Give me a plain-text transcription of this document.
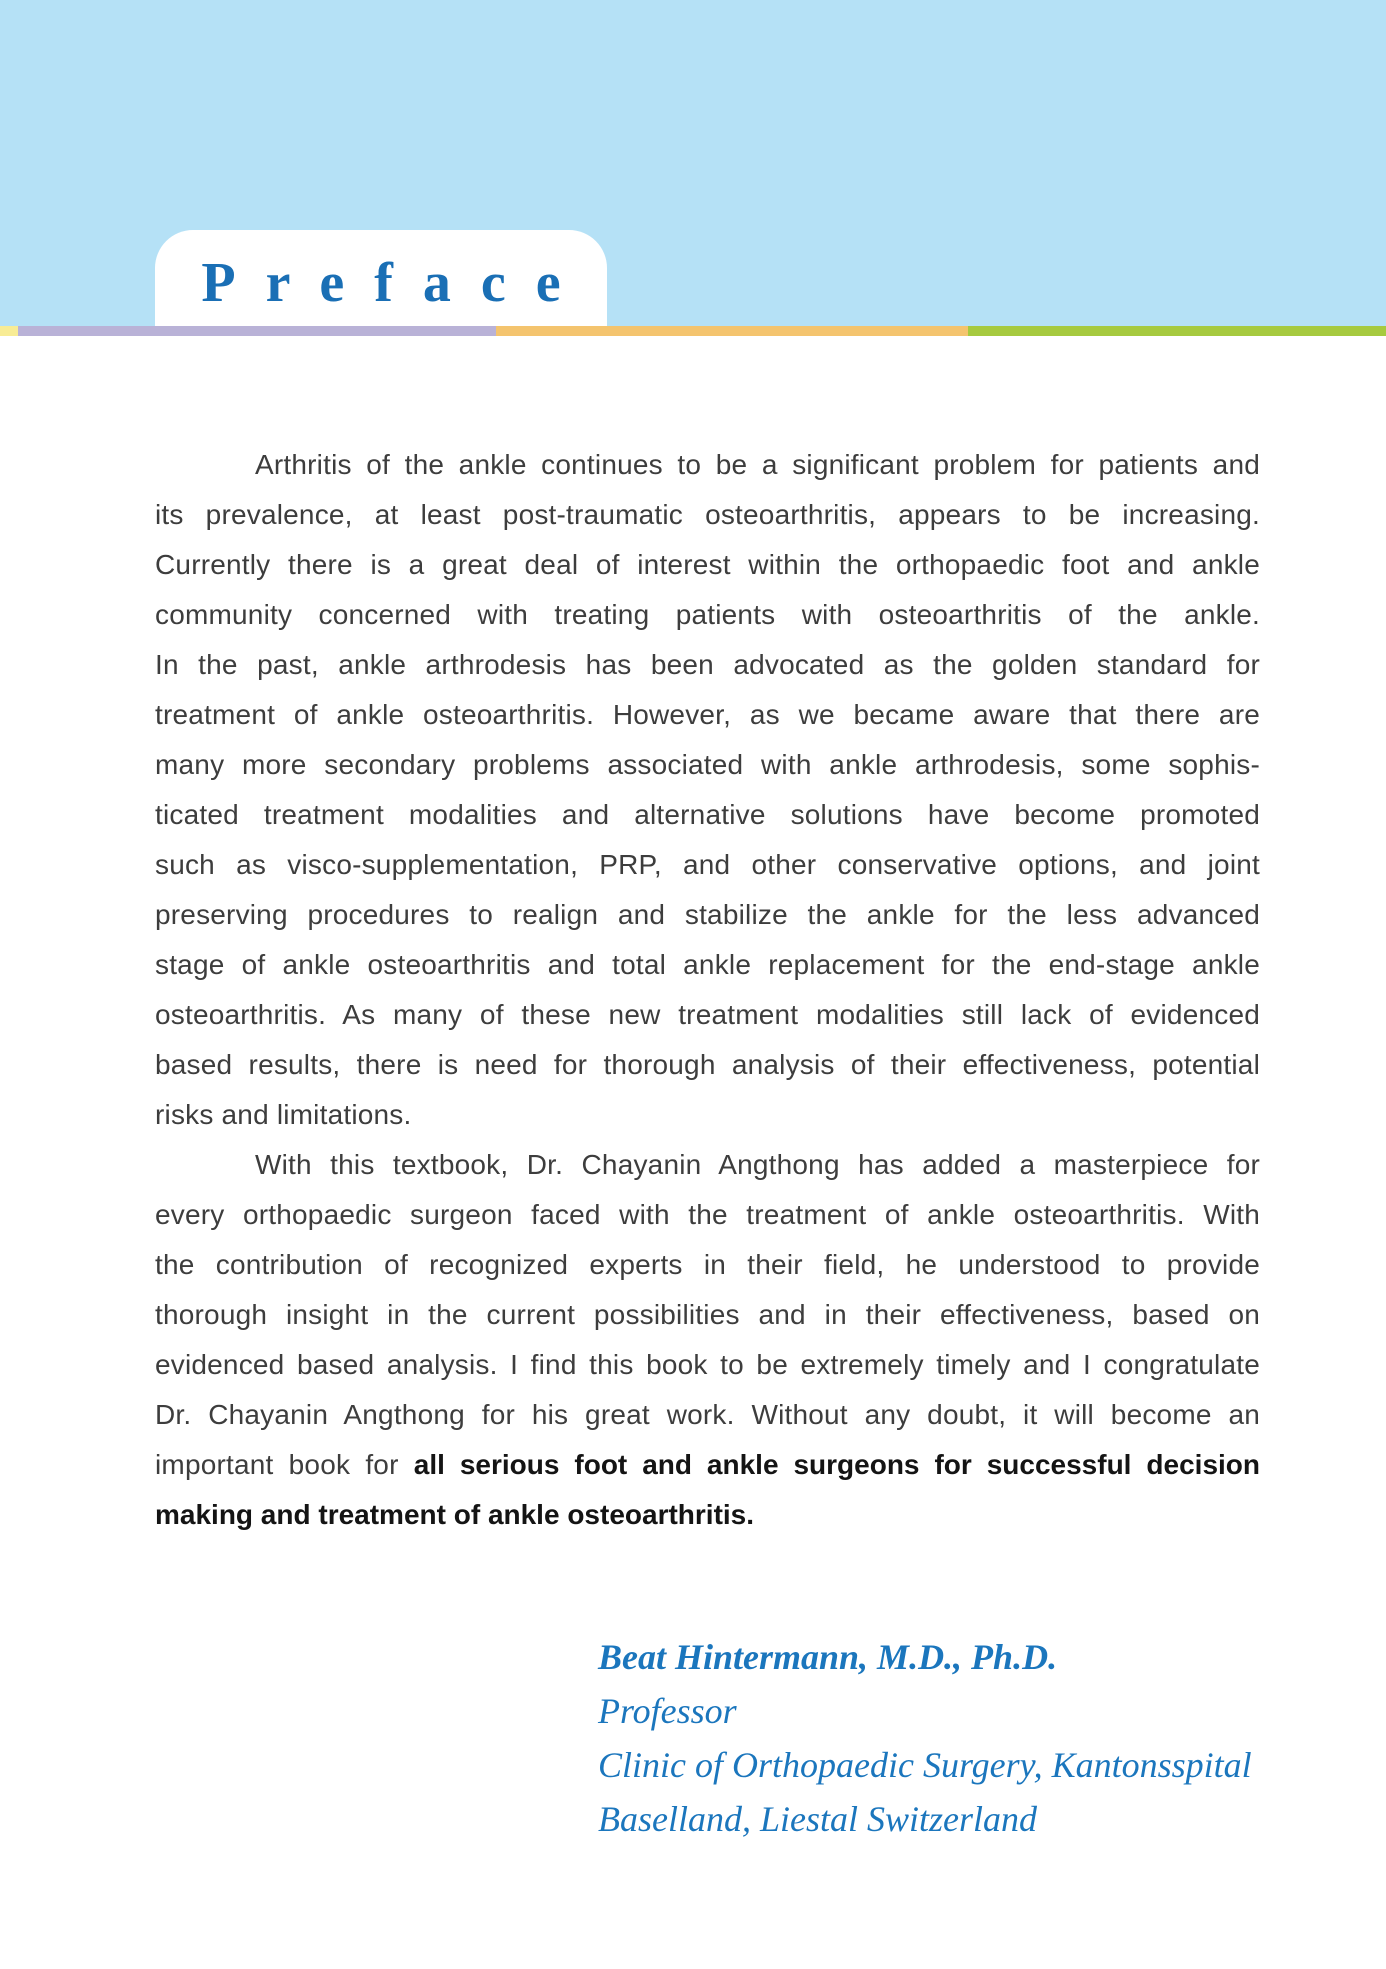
Preface
Arthritis of the ankle continues to be a significant problem for patients and
its prevalence, at least post-traumatic osteoarthritis, appears to be increasing.
Currently there is a great deal of interest within the orthopaedic foot and ankle
community concerned with treating patients with osteoarthritis of the ankle.
In the past, ankle arthrodesis has been advocated as the golden standard for
treatment of ankle osteoarthritis. However, as we became aware that there are
many more secondary problems associated with ankle arthrodesis, some sophis-
ticated treatment modalities and alternative solutions have become promoted
such as visco-supplementation, PRP, and other conservative options, and joint
preserving procedures to realign and stabilize the ankle for the less advanced
stage of ankle osteoarthritis and total ankle replacement for the end-stage ankle
osteoarthritis. As many of these new treatment modalities still lack of evidenced
based results, there is need for thorough analysis of their effectiveness, potential
risks and limitations.
With this textbook, Dr. Chayanin Angthong has added a masterpiece for
every orthopaedic surgeon faced with the treatment of ankle osteoarthritis. With
the contribution of recognized experts in their field, he understood to provide
thorough insight in the current possibilities and in their effectiveness, based on
evidenced based analysis. I find this book to be extremely timely and I congratulate
Dr. Chayanin Angthong for his great work. Without any doubt, it will become an
important book for all serious foot and ankle surgeons for successful decision
making and treatment of ankle osteoarthritis.
Beat Hintermann, M.D., Ph.D.
Professor
Clinic of Orthopaedic Surgery, Kantonsspital
Baselland, Liestal Switzerland
